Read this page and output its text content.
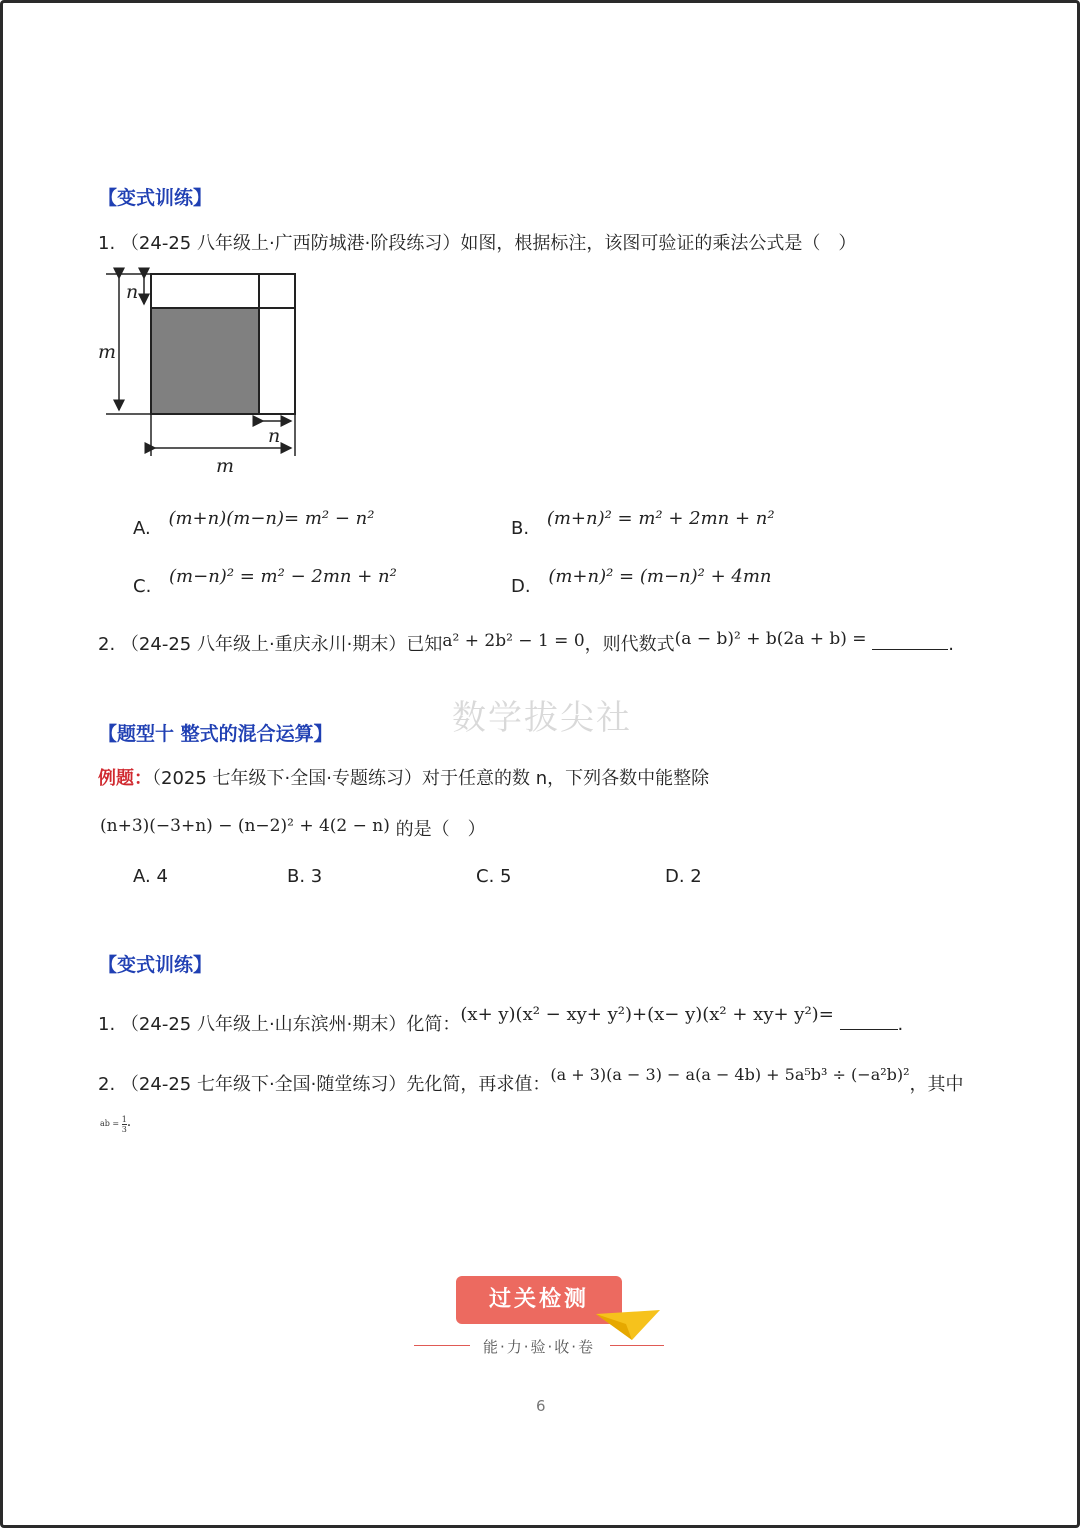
【变式训练】
1. （24-25 八年级上·广西防城港·阶段练习）如图，根据标注，该图可验证的乘法公式是（　）
n
m
n
m
A. (m+n)(m−n)= m² − n²	B. (m+n)² = m² + 2mn + n²
C. (m−n)² = m² − 2mn + n²	D. (m+n)² = (m−n)² + 4mn
2. （24-25 八年级上·重庆永川·期末）已知a² + 2b² − 1 = 0，则代数式(a − b)² + b(2a + b) =	.
数学拔尖社
【题型十 整式的混合运算】
例题：（2025 七年级下·全国·专题练习）对于任意的数 n，下列各数中能整除
(n+3)(−3+n) − (n−2)² + 4(2 − n) 的是（　）
A. 4	B. 3	C. 5	D. 2
【变式训练】
1. （24-25 八年级上·山东滨州·期末）化简：(x+ y)(x² − xy+ y²)+(x− y)(x² + xy+ y²)=	.
2. （24-25 七年级下·全国·随堂练习）先化简，再求值：(a + 3)(a − 3) − a(a − 4b) + 5a⁵b³ ÷ (−a²b)²，其中
ab = $\frac{1}{3}$ .
过关检测
能·力·验·收·卷
6
